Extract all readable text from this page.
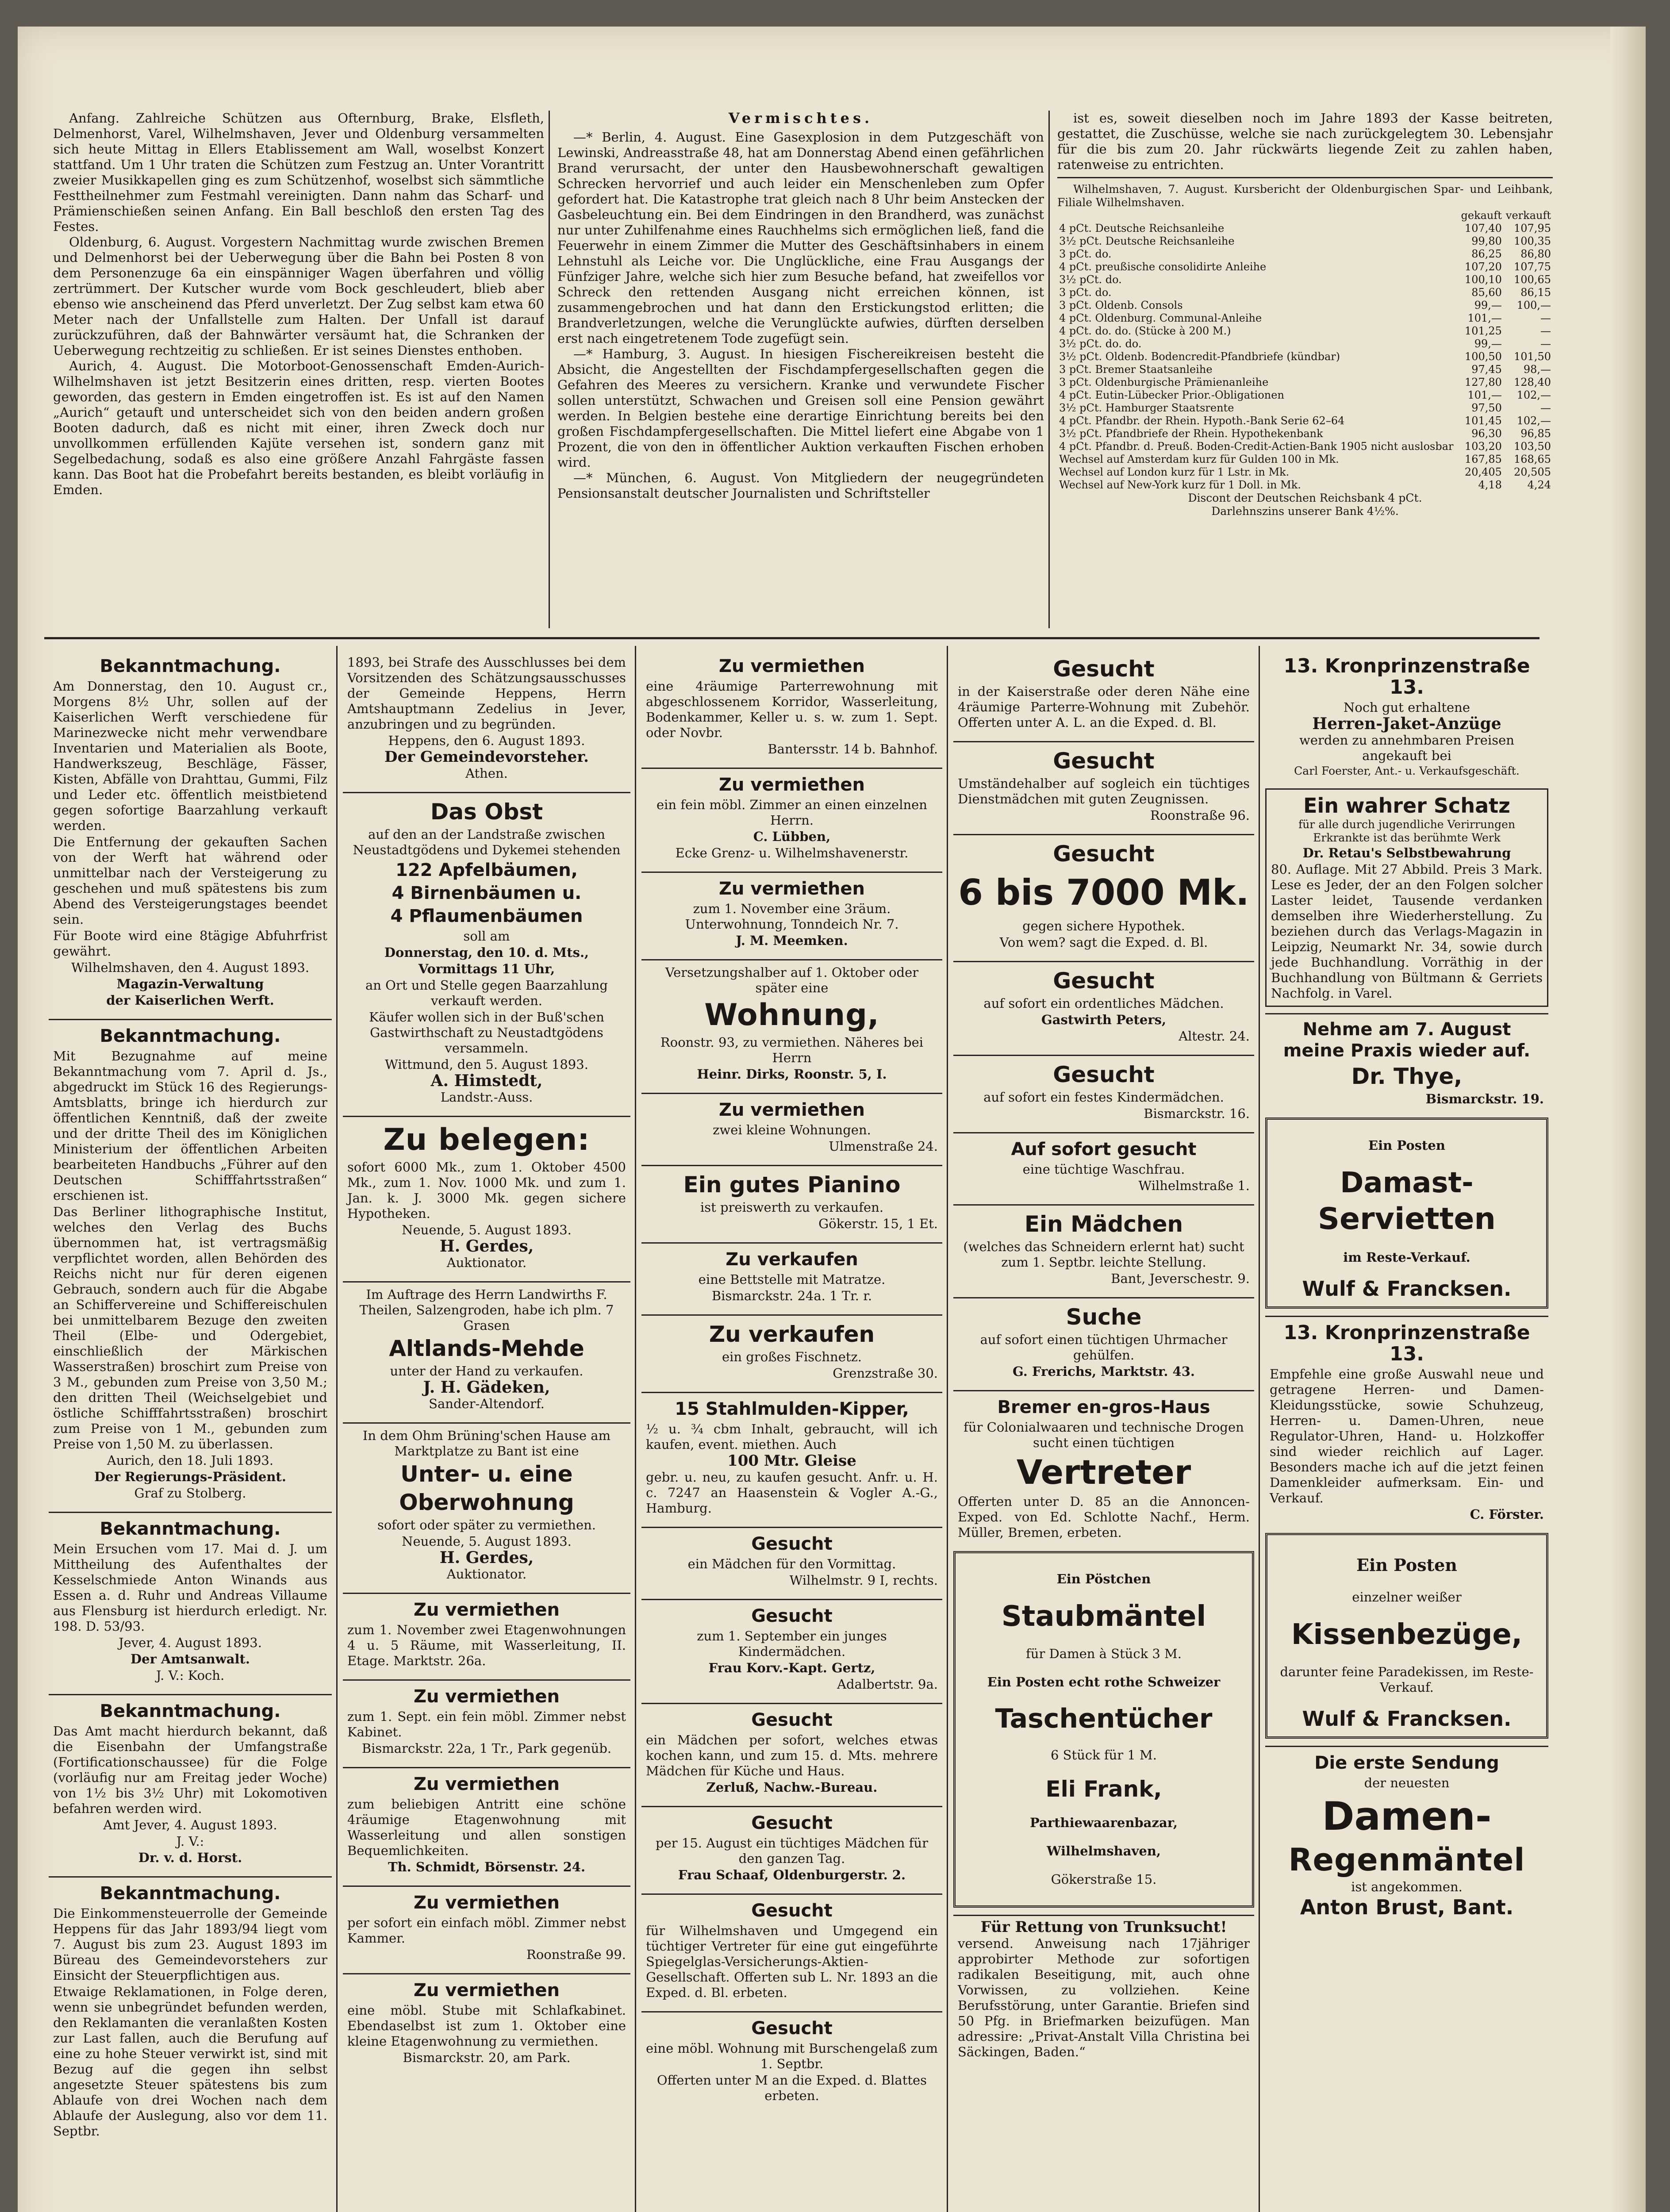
Anfang. Zahlreiche Schützen aus Ofternburg, Brake, Elsfleth, Delmenhorst, Varel, Wilhelmshaven, Jever und Oldenburg versammelten sich heute Mittag in Ellers Etablissement am Wall, woselbst Konzert stattfand. Um 1 Uhr traten die Schützen zum Festzug an. Unter Vorantritt zweier Musikkapellen ging es zum Schützenhof, woselbst sich sämmtliche Festtheilnehmer zum Festmahl vereinigten. Dann nahm das Scharf- und Prämienschießen seinen Anfang. Ein Ball beschloß den ersten Tag des Festes.

Oldenburg, 6. August. Vorgestern Nachmittag wurde zwischen Bremen und Delmenhorst bei der Ueberwegung über die Bahn bei Posten 8 von dem Personenzuge 6a ein einspänniger Wagen überfahren und völlig zertrümmert. Der Kutscher wurde vom Bock geschleudert, blieb aber ebenso wie anscheinend das Pferd unverletzt. Der Zug selbst kam etwa 60 Meter nach der Unfallstelle zum Halten. Der Unfall ist darauf zurückzuführen, daß der Bahnwärter versäumt hat, die Schranken der Ueberwegung rechtzeitig zu schließen. Er ist seines Dienstes enthoben.

Aurich, 4. August. Die Motorboot-Genossenschaft Emden-Aurich-Wilhelmshaven ist jetzt Besitzerin eines dritten, resp. vierten Bootes geworden, das gestern in Emden eingetroffen ist. Es ist auf den Namen „Aurich“ getauft und unterscheidet sich von den beiden andern großen Booten dadurch, daß es nicht mit einer, ihren Zweck doch nur unvollkommen erfüllenden Kajüte versehen ist, sondern ganz mit Segelbedachung, sodaß es also eine größere Anzahl Fahrgäste fassen kann. Das Boot hat die Probefahrt bereits bestanden, es bleibt vorläufig in Emden.

Vermischtes.

—* Berlin, 4. August. Eine Gasexplosion in dem Putzgeschäft von Lewinski, Andreasstraße 48, hat am Donnerstag Abend einen gefährlichen Brand verursacht, der unter den Hausbewohnerschaft gewaltigen Schrecken hervorrief und auch leider ein Menschenleben zum Opfer gefordert hat. Die Katastrophe trat gleich nach 8 Uhr beim Anstecken der Gasbeleuchtung ein. Bei dem Eindringen in den Brandherd, was zunächst nur unter Zuhilfenahme eines Rauchhelms sich ermöglichen ließ, fand die Feuerwehr in einem Zimmer die Mutter des Geschäftsinhabers in einem Lehnstuhl als Leiche vor. Die Unglückliche, eine Frau Ausgangs der Fünfziger Jahre, welche sich hier zum Besuche befand, hat zweifellos vor Schreck den rettenden Ausgang nicht erreichen können, ist zusammengebrochen und hat dann den Erstickungstod erlitten; die Brandverletzungen, welche die Verunglückte aufwies, dürften derselben erst nach eingetretenem Tode zugefügt sein.

—* Hamburg, 3. August. In hiesigen Fischereikreisen besteht die Absicht, die Angestellten der Fischdampfergesellschaften gegen die Gefahren des Meeres zu versichern. Kranke und verwundete Fischer sollen unterstützt, Schwachen und Greisen soll eine Pension gewährt werden. In Belgien bestehe eine derartige Einrichtung bereits bei den großen Fischdampfergesellschaften. Die Mittel liefert eine Abgabe von 1 Prozent, die von den in öffentlicher Auktion verkauften Fischen erhoben wird.

—* München, 6. August. Von Mitgliedern der neugegründeten Pensionsanstalt deutscher Journalisten und Schriftsteller

ist es, soweit dieselben noch im Jahre 1893 der Kasse beitreten, gestattet, die Zuschüsse, welche sie nach zurückgelegtem 30. Lebensjahr für die bis zum 20. Jahr rückwärts liegende Zeit zu zahlen haben, ratenweise zu entrichten.

Wilhelmshaven, 7. August. Kursbericht der Oldenburgischen Spar- und Leihbank, Filiale Wilhelmshaven.

	gekauft	verkauft
4 pCt. Deutsche Reichsanleihe	107,40	107,95
3½ pCt. Deutsche Reichsanleihe	99,80	100,35
3 pCt. do.	86,25	86,80
4 pCt. preußische consolidirte Anleihe	107,20	107,75
3½ pCt. do.	100,10	100,65
3 pCt. do.	85,60	86,15
3 pCt. Oldenb. Consols	99,—	100,—
4 pCt. Oldenburg. Communal-Anleihe	101,—	—
4 pCt. do. do. (Stücke à 200 M.)	101,25	—
3½ pCt. do. do.	99,—	—
3½ pCt. Oldenb. Bodencredit-Pfandbriefe (kündbar)	100,50	101,50
3 pCt. Bremer Staatsanleihe	97,45	98,—
3 pCt. Oldenburgische Prämienanleihe	127,80	128,40
4 pCt. Eutin-Lübecker Prior.-Obligationen	101,—	102,—
3½ pCt. Hamburger Staatsrente	97,50	—
4 pCt. Pfandbr. der Rhein. Hypoth.-Bank Serie 62–64	101,45	102,—
3½ pCt. Pfandbriefe der Rhein. Hypothekenbank	96,30	96,85
4 pCt. Pfandbr. d. Preuß. Boden-Credit-Actien-Bank 1905 nicht auslosbar	103,20	103,50
Wechsel auf Amsterdam kurz für Gulden 100 in Mk.	167,85	168,65
Wechsel auf London kurz für 1 Lstr. in Mk.	20,405	20,505
Wechsel auf New-York kurz für 1 Doll. in Mk.	4,18	4,24

Discont der Deutschen Reichsbank 4 pCt.

Darlehnszins unserer Bank 4½%.

Bekanntmachung.

Am Donnerstag, den 10. August cr., Morgens 8½ Uhr, sollen auf der Kaiserlichen Werft verschiedene für Marinezwecke nicht mehr verwendbare Inventarien und Materialien als Boote, Handwerkszeug, Beschläge, Fässer, Kisten, Abfälle von Drahttau, Gummi, Filz und Leder etc. öffentlich meistbietend gegen sofortige Baarzahlung verkauft werden.

Die Entfernung der gekauften Sachen von der Werft hat während oder unmittelbar nach der Versteigerung zu geschehen und muß spätestens bis zum Abend des Versteigerungstages beendet sein.

Für Boote wird eine 8tägige Abfuhrfrist gewährt.

Wilhelmshaven, den 4. August 1893.

Magazin-Verwaltung

der Kaiserlichen Werft.

Bekanntmachung.

Mit Bezugnahme auf meine Bekanntmachung vom 7. April d. Js., abgedruckt im Stück 16 des Regierungs-Amtsblatts, bringe ich hierdurch zur öffentlichen Kenntniß, daß der zweite und der dritte Theil des im Königlichen Ministerium der öffentlichen Arbeiten bearbeiteten Handbuchs „Führer auf den Deutschen Schifffahrtsstraßen“ erschienen ist.

Das Berliner lithographische Institut, welches den Verlag des Buchs übernommen hat, ist vertragsmäßig verpflichtet worden, allen Behörden des Reichs nicht nur für deren eigenen Gebrauch, sondern auch für die Abgabe an Schiffervereine und Schiffereischulen bei unmittelbarem Bezuge den zweiten Theil (Elbe- und Odergebiet, einschließlich der Märkischen Wasserstraßen) broschirt zum Preise von 3 M., gebunden zum Preise von 3,50 M.; den dritten Theil (Weichselgebiet und östliche Schifffahrtsstraßen) broschirt zum Preise von 1 M., gebunden zum Preise von 1,50 M. zu überlassen.

Aurich, den 18. Juli 1893.

Der Regierungs-Präsident.

Graf zu Stolberg.

Bekanntmachung.

Mein Ersuchen vom 17. Mai d. J. um Mittheilung des Aufenthaltes der Kesselschmiede Anton Winands aus Essen a. d. Ruhr und Andreas Villaume aus Flensburg ist hierdurch erledigt. Nr. 198. D. 53/93.

Jever, 4. August 1893.

Der Amtsanwalt.

J. V.: Koch.

Bekanntmachung.

Das Amt macht hierdurch bekannt, daß die Eisenbahn der Umfangstraße (Fortificationschaussee) für die Folge (vorläufig nur am Freitag jeder Woche) von 1½ bis 3½ Uhr) mit Lokomotiven befahren werden wird.

Amt Jever, 4. August 1893.

J. V.:

Dr. v. d. Horst.

Bekanntmachung.

Die Einkommensteuerrolle der Gemeinde Heppens für das Jahr 1893/94 liegt vom 7. August bis zum 23. August 1893 im Büreau des Gemeindevorstehers zur Einsicht der Steuerpflichtigen aus.

Etwaige Reklamationen, in Folge deren, wenn sie unbegründet befunden werden, den Reklamanten die veranlaßten Kosten zur Last fallen, auch die Berufung auf eine zu hohe Steuer verwirkt ist, sind mit Bezug auf die gegen ihn selbst angesetzte Steuer spätestens bis zum Ablaufe von drei Wochen nach dem Ablaufe der Auslegung, also vor dem 11. Septbr.

1893, bei Strafe des Ausschlusses bei dem Vorsitzenden des Schätzungsausschusses der Gemeinde Heppens, Herrn Amtshauptmann Zedelius in Jever, anzubringen und zu begründen.

Heppens, den 6. August 1893.

Der Gemeindevorsteher.

Athen.

Das Obst

auf den an der Landstraße zwischen Neustadtgödens und Dykemei stehenden

122 Apfelbäumen,
4 Birnenbäumen u.
4 Pflaumenbäumen

soll am

Donnerstag, den 10. d. Mts.,

Vormittags 11 Uhr,

an Ort und Stelle gegen Baarzahlung verkauft werden.

Käufer wollen sich in der Buß'schen Gastwirthschaft zu Neustadtgödens versammeln.

Wittmund, den 5. August 1893.

A. Himstedt,

Landstr.-Auss.

Zu belegen:

sofort 6000 Mk., zum 1. Oktober 4500 Mk., zum 1. Nov. 1000 Mk. und zum 1. Jan. k. J. 3000 Mk. gegen sichere Hypotheken.

Neuende, 5. August 1893.

H. Gerdes,

Auktionator.

Im Auftrage des Herrn Landwirths F. Theilen, Salzengroden, habe ich plm. 7 Grasen

Altlands-Mehde

unter der Hand zu verkaufen.

J. H. Gädeken,

Sander-Altendorf.

In dem Ohm Brüning'schen Hause am Marktplatze zu Bant ist eine

Unter- u. eine
Oberwohnung

sofort oder später zu vermiethen.

Neuende, 5. August 1893.

H. Gerdes,

Auktionator.

Zu vermiethen

zum 1. November zwei Etagenwohnungen 4 u. 5 Räume, mit Wasserleitung, II. Etage. Marktstr. 26a.

Zu vermiethen

zum 1. Sept. ein fein möbl. Zimmer nebst Kabinet.

Bismarckstr. 22a, 1 Tr., Park gegenüb.

Zu vermiethen

zum beliebigen Antritt eine schöne 4räumige Etagenwohnung mit Wasserleitung und allen sonstigen Bequemlichkeiten.

Th. Schmidt, Börsenstr. 24.

Zu vermiethen

per sofort ein einfach möbl. Zimmer nebst Kammer.

Roonstraße 99.

Zu vermiethen

eine möbl. Stube mit Schlafkabinet. Ebendaselbst ist zum 1. Oktober eine kleine Etagenwohnung zu vermiethen.

Bismarckstr. 20, am Park.

Zu vermiethen

eine 4räumige Parterrewohnung mit abgeschlossenem Korridor, Wasserleitung, Bodenkammer, Keller u. s. w. zum 1. Sept. oder Novbr.

Bantersstr. 14 b. Bahnhof.

Zu vermiethen

ein fein möbl. Zimmer an einen einzelnen Herrn.

C. Lübben,

Ecke Grenz- u. Wilhelmshavenerstr.

Zu vermiethen

zum 1. November eine 3räum. Unterwohnung, Tonndeich Nr. 7.

J. M. Meemken.

Versetzungshalber auf 1. Oktober oder später eine

Wohnung,

Roonstr. 93, zu vermiethen. Näheres bei Herrn

Heinr. Dirks, Roonstr. 5, I.

Zu vermiethen

zwei kleine Wohnungen.

Ulmenstraße 24.

Ein gutes Pianino

ist preiswerth zu verkaufen.

Gökerstr. 15, 1 Et.

Zu verkaufen

eine Bettstelle mit Matratze.

Bismarckstr. 24a. 1 Tr. r.

Zu verkaufen

ein großes Fischnetz.

Grenzstraße 30.

15 Stahlmulden-Kipper,

½ u. ¾ cbm Inhalt, gebraucht, will ich kaufen, event. miethen. Auch

100 Mtr. Gleise

gebr. u. neu, zu kaufen gesucht. Anfr. u. H. c. 7247 an Haasenstein & Vogler A.-G., Hamburg.

Gesucht

ein Mädchen für den Vormittag.

Wilhelmstr. 9 I, rechts.

Gesucht

zum 1. September ein junges Kindermädchen.

Frau Korv.-Kapt. Gertz,

Adalbertstr. 9a.

Gesucht

ein Mädchen per sofort, welches etwas kochen kann, und zum 15. d. Mts. mehrere Mädchen für Küche und Haus.

Zerluß, Nachw.-Bureau.

Gesucht

per 15. August ein tüchtiges Mädchen für den ganzen Tag.

Frau Schaaf, Oldenburgerstr. 2.

Gesucht

für Wilhelmshaven und Umgegend ein tüchtiger Vertreter für eine gut eingeführte Spiegelglas-Versicherungs-Aktien-Gesellschaft. Offerten sub L. Nr. 1893 an die Exped. d. Bl. erbeten.

Gesucht

eine möbl. Wohnung mit Burschengelaß zum 1. Septbr.

Offerten unter M an die Exped. d. Blattes erbeten.

Gesucht

in der Kaiserstraße oder deren Nähe eine 4räumige Parterre-Wohnung mit Zubehör. Offerten unter A. L. an die Exped. d. Bl.

Gesucht

Umständehalber auf sogleich ein tüchtiges Dienstmädchen mit guten Zeugnissen.

Roonstraße 96.

Gesucht
6 bis 7000 Mk.

gegen sichere Hypothek.

Von wem? sagt die Exped. d. Bl.

Gesucht

auf sofort ein ordentliches Mädchen.

Gastwirth Peters,

Altestr. 24.

Gesucht

auf sofort ein festes Kindermädchen.

Bismarckstr. 16.

Auf sofort gesucht

eine tüchtige Waschfrau.

Wilhelmstraße 1.

Ein Mädchen

(welches das Schneidern erlernt hat) sucht zum 1. Septbr. leichte Stellung.

Bant, Jeverschestr. 9.

Suche

auf sofort einen tüchtigen Uhrmacher gehülfen.

G. Frerichs, Marktstr. 43.

Bremer en-gros-Haus

für Colonialwaaren und technische Drogen sucht einen tüchtigen

Vertreter

Offerten unter D. 85 an die Annoncen-Exped. von Ed. Schlotte Nachf., Herm. Müller, Bremen, erbeten.

Ein Pöstchen

Staubmäntel

für Damen à Stück 3 M.

Ein Posten echt rothe Schweizer

Taschentücher

6 Stück für 1 M.

Eli Frank,

Parthiewaarenbazar,

Wilhelmshaven,

Gökerstraße 15.

Für Rettung von Trunksucht!

versend. Anweisung nach 17jähriger approbirter Methode zur sofortigen radikalen Beseitigung, mit, auch ohne Vorwissen, zu vollziehen. Keine Berufsstörung, unter Garantie. Briefen sind 50 Pfg. in Briefmarken beizufügen. Man adressire: „Privat-Anstalt Villa Christina bei Säckingen, Baden.“

13. Kronprinzenstraße 13.

Noch gut erhaltene

Herren-Jaket-Anzüge

werden zu annehmbaren Preisen angekauft bei

Carl Foerster, Ant.- u. Verkaufsgeschäft.

Ein wahrer Schatz

für alle durch jugendliche Verirrungen Erkrankte ist das berühmte Werk

Dr. Retau's Selbstbewahrung

80. Auflage. Mit 27 Abbild. Preis 3 Mark. Lese es Jeder, der an den Folgen solcher Laster leidet, Tausende verdanken demselben ihre Wiederherstellung. Zu beziehen durch das Verlags-Magazin in Leipzig, Neumarkt Nr. 34, sowie durch jede Buchhandlung. Vorräthig in der Buchhandlung von Bültmann & Gerriets Nachfolg. in Varel.

Nehme am 7. August meine Praxis wieder auf.

Dr. Thye,

Bismarckstr. 19.

Ein Posten

Damast-
Servietten

im Reste-Verkauf.

Wulf & Francksen.
13. Kronprinzenstraße 13.

Empfehle eine große Auswahl neue und getragene Herren- und Damen-Kleidungsstücke, sowie Schuhzeug, Herren- u. Damen-Uhren, neue Regulator-Uhren, Hand- u. Holzkoffer sind wieder reichlich auf Lager. Besonders mache ich auf die jetzt feinen Damenkleider aufmerksam. Ein- und Verkauf.

C. Förster.

Ein Posten

einzelner weißer

Kissenbezüge,

darunter feine Paradekissen, im Reste-Verkauf.

Wulf & Francksen.
Die erste Sendung

der neuesten

Damen-
Regenmäntel

ist angekommen.

Anton Brust, Bant.
